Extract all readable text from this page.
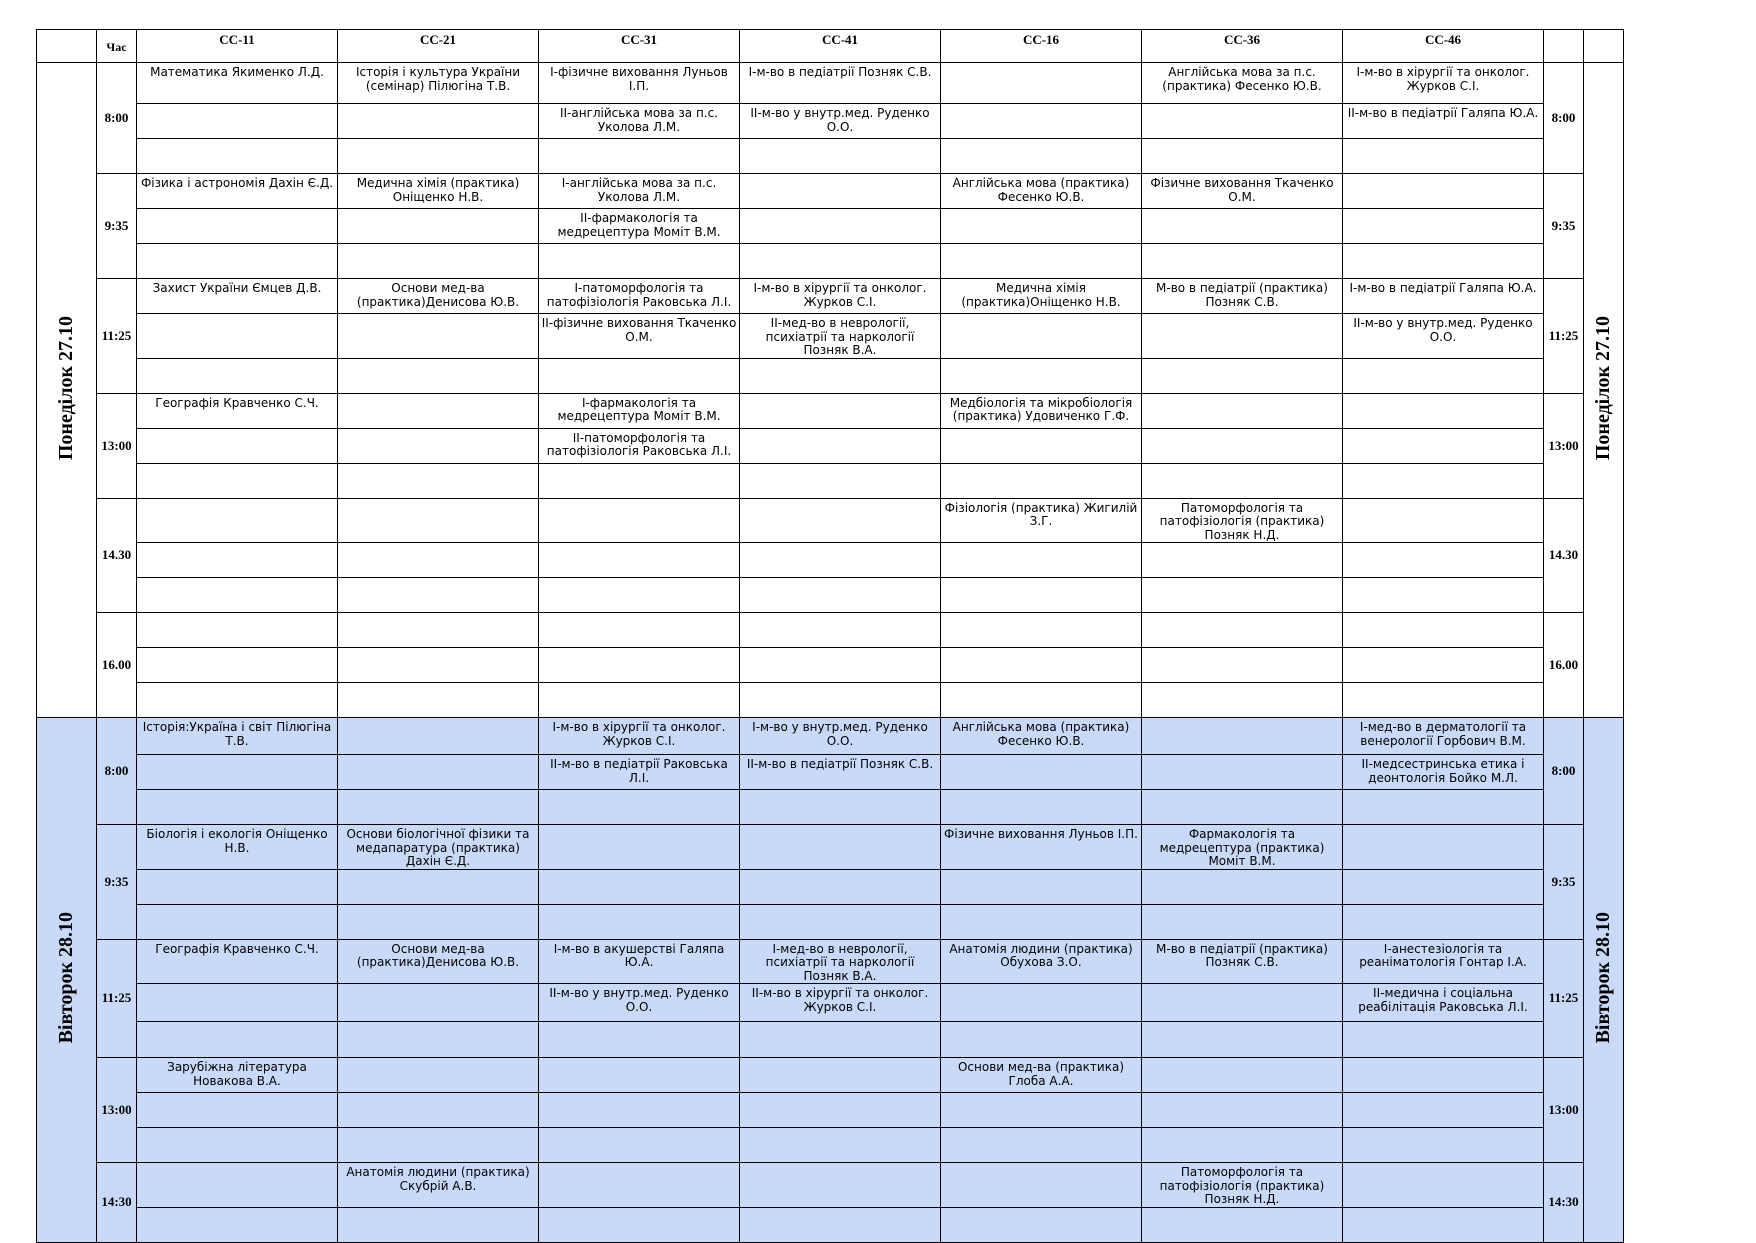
	Час	СС-11	СС-21	СС-31	СС-41	СС-16	СС-36	СС-46		
Понеділок 27.10	8:00	Математика Якименко Л.Д.	Історія і культура України (семінар) Пілюгіна Т.В.	I-фізичне виховання Луньов І.П.	І-м-во в педіатрії Позняк С.В.		Англійська мова за п.с. (практика) Фесенко Ю.В.	І-м-во в хірургії та онколог. Журков С.І.	8:00	Понеділок 27.10
				II-англійська мова за п.с. Уколова Л.М.	ІІ-м-во у внутр.мед. Руденко О.О.			ІІ-м-во в педіатрії Галяпа Ю.А.		

	9:35	Фізика і астрономія Дахін Є.Д.	Медична хімія (практика) Оніщенко Н.В.	I-англійська мова за п.с. Уколова Л.М.		Англійська мова (практика) Фесенко Ю.В.	Фізичне виховання Ткаченко О.М.		9:35	
				II-фармакологія та медрецептура Моміт В.М.						

	11:25	Захист України Ємцев Д.В.	Основи мед-ва (практика)Денисова Ю.В.	I-патоморфологія та патофізіологія Раковська Л.І.	І-м-во в хірургії та онколог. Журков С.І.	Медична хімія (практика)Оніщенко Н.В.	М-во в педіатрії (практика) Позняк С.В.	І-м-во в педіатрії Галяпа Ю.А.	11:25	
				II-фізичне виховання Ткаченко О.М.	ІІ-мед-во в неврології, психіатрії та наркології Позняк В.А.			ІІ-м-во у внутр.мед. Руденко О.О.		

	13:00	Географія Кравченко С.Ч.		I-фармакологія та медрецептура Моміт В.М.		Медбіологія та мікробіологія (практика) Удовиченко Г.Ф.			13:00	
				II-патоморфологія та патофізіологія Раковська Л.І.						

	14.30					Фізіологія (практика) Жигилій З.Г.	Патоморфологія та патофізіологія (практика) Позняк Н.Д.		14.30	

	16.00								16.00	

Вівторок 28.10	8:00	Історія:Україна і світ Пілюгіна Т.В.		І-м-во в хірургії та онколог. Журков С.І.	І-м-во у внутр.мед. Руденко О.О.	Англійська мова (практика) Фесенко Ю.В.		І-мед-во в дерматології та венерології Горбович В.М.	8:00	Вівторок 28.10
				ІІ-м-во в педіатрії Раковська Л.І.	ІІ-м-во в педіатрії Позняк С.В.			ІІ-медсестринська етика і деонтологія Бойко М.Л.		

	9:35	Біологія і екологія Оніщенко Н.В.	Основи біологічної фізики та медапаратура (практика) Дахін Є.Д.			Фізичне виховання Луньов І.П.	Фармакологія та медрецептура (практика) Моміт В.М.		9:35	

	11:25	Географія Кравченко С.Ч.	Основи мед-ва (практика)Денисова Ю.В.	І-м-во в акушерстві Галяпа Ю.А.	І-мед-во в неврології, психіатрії та наркології Позняк В.А.	Анатомія людини (практика) Обухова З.О.	М-во в педіатрії (практика) Позняк С.В.	І-анестезіологія та реаніматологія Гонтар І.А.	11:25	
				ІІ-м-во у внутр.мед. Руденко О.О.	ІІ-м-во в хірургії та онколог. Журков С.І.			ІІ-медична і соціальна реабілітація Раковська Л.І.		

	13:00	Зарубіжна література Новакова В.А.				Основи мед-ва (практика) Глоба А.А.			13:00	

	14:30		Анатомія людини (практика) Скубрій А.В.				Патоморфологія та патофізіологія (практика) Позняк Н.Д.		14:30	
